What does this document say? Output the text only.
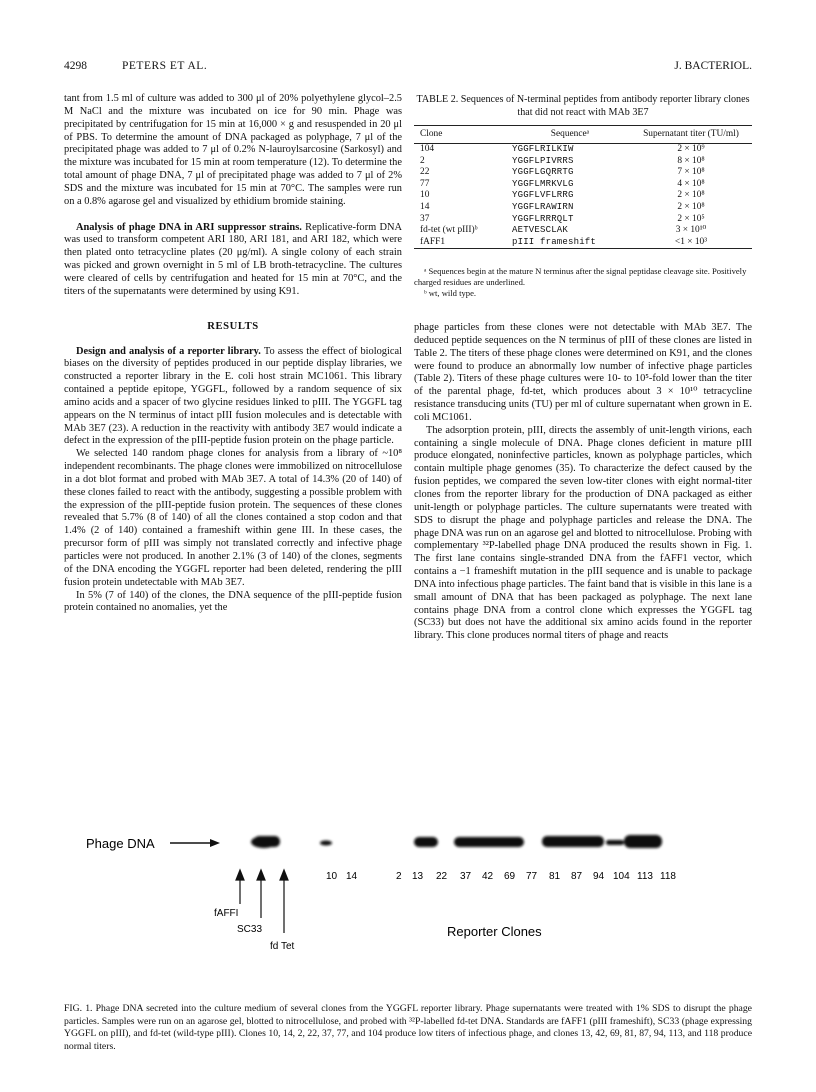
4298	PETERS ET AL.	J. BACTERIOL.

tant from 1.5 ml of culture was added to 300 μl of 20% polyethylene glycol–2.5 M NaCl and the mixture was incubated on ice for 90 min. Phage was precipitated by centrifugation for 15 min at 16,000 × g and resuspended in 20 μl of PBS. To determine the amount of DNA packaged as polyphage, 7 μl of the precipitated phage was added to 7 μl of 0.2% N-lauroylsarcosine (Sarkosyl) and the mixture was incubated for 15 min at room temperature (12). To determine the total amount of phage DNA, 7 μl of precipitated phage was added to 7 μl of 2% SDS and the mixture was incubated for 15 min at 70°C. The samples were run on a 0.8% agarose gel and visualized by ethidium bromide staining.

Analysis of phage DNA in ARI suppressor strains. Replicative-form DNA was used to transform competent ARI 180, ARI 181, and ARI 182, which were then plated onto tetracycline plates (20 μg/ml). A single colony of each strain was picked and grown overnight in 5 ml of LB broth-tetracycline. The cultures were cleared of cells by centrifugation and heated for 15 min at 70°C, and the titers of the supernatants were determined by using K91.

RESULTS

Design and analysis of a reporter library. To assess the effect of biological biases on the diversity of peptides produced in our peptide display libraries, we constructed a reporter library in the E. coli host strain MC1061. This library contained a peptide epitope, YGGFL, followed by a random sequence of six amino acids and a spacer of two glycine residues linked to pIII. The YGGFL tag appears on the N terminus of intact pIII fusion molecules and is detectable with MAb 3E7 (23). A reduction in the reactivity with antibody 3E7 would indicate a defect in the expression of the pIII-peptide fusion protein on the phage particle.

We selected 140 random phage clones for analysis from a library of ~10⁸ independent recombinants. The phage clones were immobilized on nitrocellulose in a dot blot format and probed with MAb 3E7. A total of 14.3% (20 of 140) of these clones failed to react with the antibody, suggesting a possible problem with the expression of the pIII-peptide fusion protein. The sequences of these clones revealed that 5.7% (8 of 140) of all the clones contained a stop codon and that 1.4% (2 of 140) contained a frameshift within gene III. In these cases, the precursor form of pIII was simply not translated correctly and infective phage particles were not produced. In another 2.1% (3 of 140) of the clones, segments of the DNA encoding the YGGFL reporter had been deleted, rendering the pIII fusion protein undetectable with MAb 3E7.

In 5% (7 of 140) of the clones, the DNA sequence of the pIII-peptide fusion protein contained no anomalies, yet the

TABLE 2. Sequences of N-terminal peptides from antibody reporter library clones that did not react with MAb 3E7
Clone	Sequenceᵃ	Supernatant titer (TU/ml)
104	YGGFLRILKIW	2 × 10⁹
2	YGGFLPIVRRS	8 × 10⁸
22	YGGFLGQRRTG	7 × 10⁸
77	YGGFLMRKVLG	4 × 10⁸
10	YGGFLVFLRRG	2 × 10⁸
14	YGGFLRAWIRN	2 × 10⁸
37	YGGFLRRRQLT	2 × 10⁵
fd-tet (wt pIII)ᵇ	AETVESCLAK	3 × 10¹⁰
fAFF1	pIII frameshift	<1 × 10³

ᵃ Sequences begin at the mature N terminus after the signal peptidase cleavage site. Positively charged residues are underlined.

ᵇ wt, wild type.

phage particles from these clones were not detectable with MAb 3E7. The deduced peptide sequences on the N terminus of pIII of these clones are listed in Table 2. The titers of these phage clones were determined on K91, and the clones were found to produce an abnormally low number of infective phage particles (Table 2). Titers of these phage cultures were 10- to 10⁵-fold lower than the titer of the parental phage, fd-tet, which produces about 3 × 10¹⁰ tetracycline resistance transducing units (TU) per ml of culture supernatant when grown in E. coli MC1061.

The adsorption protein, pIII, directs the assembly of unit-length virions, each containing a single molecule of DNA. Phage clones deficient in mature pIII produce elongated, noninfective particles, known as polyphage particles, which contain multiple phage genomes (35). To characterize the defect caused by the fusion peptides, we compared the seven low-titer clones with eight normal-titer clones from the reporter library for the production of DNA packaged as either unit-length or polyphage particles. The culture supernatants were treated with SDS to disrupt the phage and polyphage particles and release the DNA. The phage DNA was run on an agarose gel and blotted to nitrocellulose. Probing with complementary ³²P-labelled phage DNA produced the results shown in Fig. 1. The first lane contains single-stranded DNA from the fAFF1 vector, which contains a −1 frameshift mutation in the pIII sequence and is unable to package DNA into infectious phage particles. The faint band that is visible in this lane is a small amount of DNA that has been packaged as polyphage. The next lane contains phage DNA from a control clone which expresses the YGGFL tag (SC33) but does not have the additional six amino acids found in the reporter library. This clone produces normal titers of phage and reacts

Phage DNA
fAFFI
SC33
fd Tet
10 14	2 13 22 37 42 69 77 81 87 94 104 113 118
Reporter Clones
FIG. 1. Phage DNA secreted into the culture medium of several clones from the YGGFL reporter library. Phage supernatants were treated with 1% SDS to disrupt the phage particles. Samples were run on an agarose gel, blotted to nitrocellulose, and probed with ³²P-labelled fd-tet DNA. Standards are fAFF1 (pIII frameshift), SC33 (phage expressing YGGFL on pIII), and fd-tet (wild-type pIII). Clones 10, 14, 2, 22, 37, 77, and 104 produce low titers of infectious phage, and clones 13, 42, 69, 81, 87, 94, 113, and 118 produce normal titers.
